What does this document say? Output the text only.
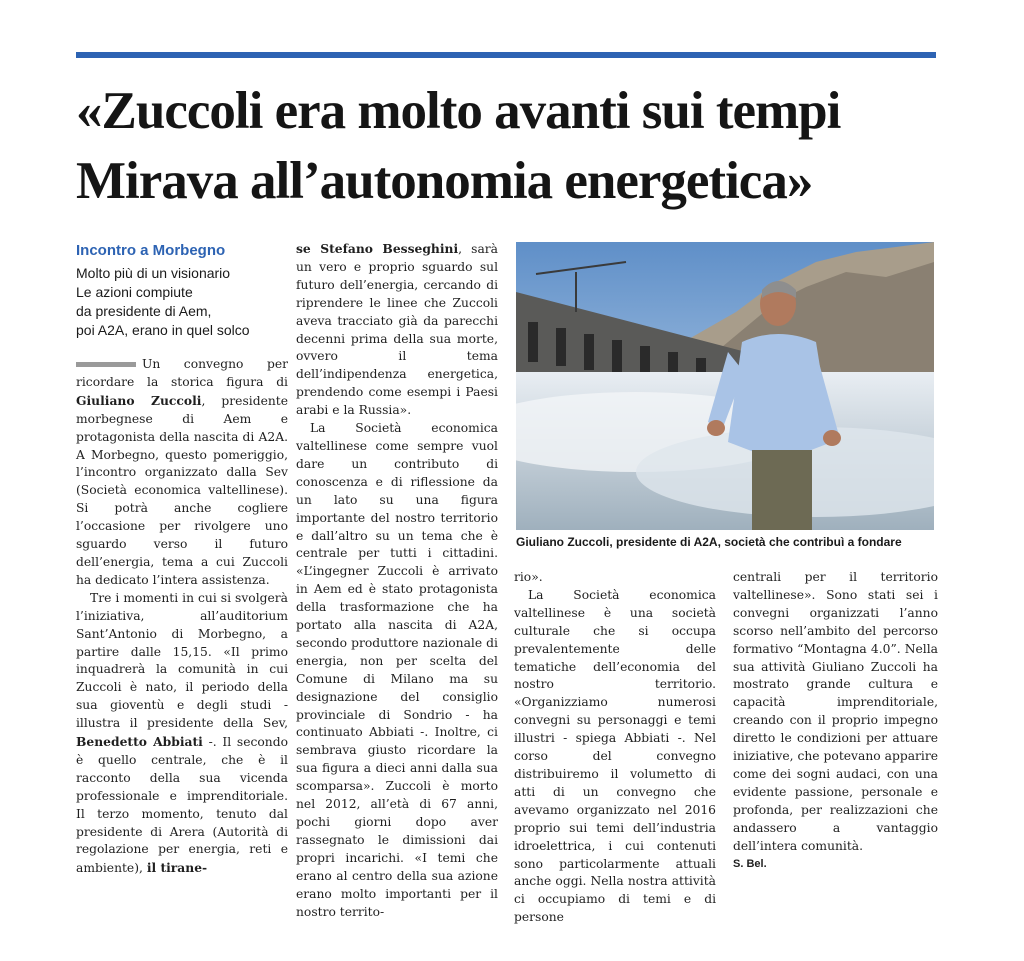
«Zuccoli era molto avanti sui tempi
Mirava all’autonomia energetica»
Incontro a Morbegno
Molto più di un visionario
Le azioni compiute
da presidente di Aem,
poi A2A, erano in quel solco

Un convegno per ricordare la storica figura di Giuliano Zuccoli, presidente morbegnese di Aem e protagonista della nascita di A2A. A Morbegno, questo pomeriggio, l’incontro organizzato dalla Sev (Società economica valtellinese). Si potrà anche cogliere l’occasione per rivolgere uno sguardo verso il futuro dell’energia, tema a cui Zuccoli ha dedicato l’intera assistenza.

Tre i momenti in cui si svolgerà l’iniziativa, all’auditorium Sant’Antonio di Morbegno, a partire dalle 15,15. «Il primo inquadrerà la comunità in cui Zuccoli è nato, il periodo della sua gioventù e degli studi - illustra il presidente della Sev, Benedetto Abbiati -. Il secondo è quello centrale, che è il racconto della sua vicenda professionale e imprenditoriale. Il terzo momento, tenuto dal presidente di Arera (Autorità di regolazione per energia, reti e ambiente), il tirane-

se Stefano Besseghini, sarà un vero e proprio sguardo sul futuro dell’energia, cercando di riprendere le linee che Zuccoli aveva tracciato già da parecchi decenni prima della sua morte, ovvero il tema dell’indipendenza energetica, prendendo come esempi i Paesi arabi e la Russia».

La Società economica valtellinese come sempre vuol dare un contributo di conoscenza e di riflessione da un lato su una figura importante del nostro territorio e dall’altro su un tema che è centrale per tutti i cittadini. «L’ingegner Zuccoli è arrivato in Aem ed è stato protagonista della trasformazione che ha portato alla nascita di A2A, secondo produttore nazionale di energia, non per scelta del Comune di Milano ma su designazione del consiglio provinciale di Sondrio - ha continuato Abbiati -. Inoltre, ci sembrava giusto ricordare la sua figura a dieci anni dalla sua scomparsa». Zuccoli è morto nel 2012, all’età di 67 anni, pochi giorni dopo aver rassegnato le dimissioni dai propri incarichi. «I temi che erano al centro della sua azione erano molto importanti per il nostro territo-

Giuliano Zuccoli, presidente di A2A, società che contribuì a fondare

rio».

La Società economica valtellinese è una società culturale che si occupa prevalentemente delle tematiche dell’economia del nostro territorio. «Organizziamo numerosi convegni su personaggi e temi illustri - spiega Abbiati -. Nel corso del convegno distribuiremo il volumetto di atti di un convegno che avevamo organizzato nel 2016 proprio sui temi dell’industria idroelettrica, i cui contenuti sono particolarmente attuali anche oggi. Nella nostra attività ci occupiamo di temi e di persone

centrali per il territorio valtellinese». Sono stati sei i convegni organizzati l’anno scorso nell’ambito del percorso formativo “Montagna 4.0”. Nella sua attività Giuliano Zuccoli ha mostrato grande cultura e capacità imprenditoriale, creando con il proprio impegno diretto le condizioni per attuare iniziative, che potevano apparire come dei sogni audaci, con una evidente passione, personale e profonda, per realizzazioni che andassero a vantaggio dell’intera comunità.

S. Bel.
